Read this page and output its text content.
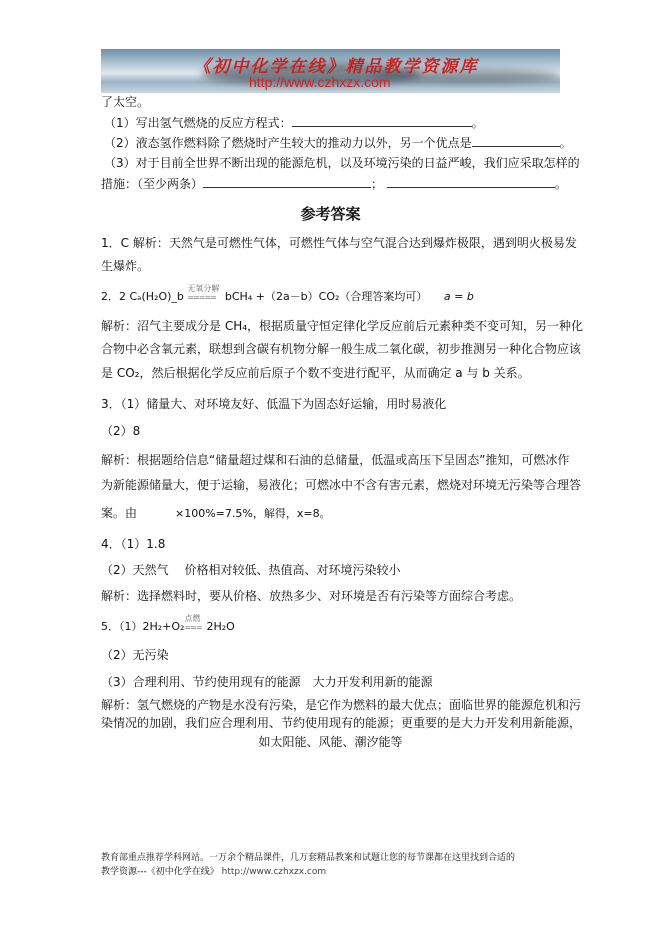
《初中化学在线》精品教学资源库
http://www.czhxzx.com
了太空。
（1）写出氢气燃烧的反应方程式：	。
（2）液态氢作燃料除了燃烧时产生较大的推动力以外，另一个优点是	。
（3）对于目前全世界不断出现的能源危机，以及环境污染的日益严峻，我们应采取怎样的
措施：（至少两条）	；	。
参考答案
1．C 解析：天然气是可燃性气体，可燃性气体与空气混合达到爆炸极限，遇到明火极易发
生爆炸。
2．2 Cₐ(H₂O)_b
无氧分解
===== bCH₄ +（2a－b）CO₂（合理答案均可）　　 a = b
解析：沼气主要成分是 CH₄，根据质量守恒定律化学反应前后元素种类不变可知，另一种化
合物中必含氧元素，联想到含碳有机物分解一般生成二氧化碳，初步推测另一种化合物应该
是 CO₂，然后根据化学反应前后原子个数不变进行配平，从而确定 a 与 b 关系。
3．（1）储量大、对环境友好、低温下为固态好运输，用时易液化
（2）8
解析：根据题给信息“储量超过煤和石油的总储量，低温或高压下呈固态”推知，可燃冰作
为新能源储量大，便于运输，易液化；可燃冰中不含有害元素，燃烧对环境无污染等合理答
案。由	×100%=7.5%，解得，x=8。
4．（1）1.8
（2）天然气　 价格相对较低、热值高、对环境污染较小
解析：选择燃料时，要从价格、放热多少、对环境是否有污染等方面综合考虑。
5．（1）2H₂+O₂
点燃
=== 2H₂O
（2）无污染
（3）合理利用、节约使用现有的能源　大力开发利用新的能源
解析：氢气燃烧的产物是水没有污染，是它作为燃料的最大优点；面临世界的能源危机和污
染情况的加剧，我们应合理利用、节约使用现有的能源；更重要的是大力开发利用新能源，
如太阳能、风能、潮汐能等
教育部重点推荐学科网站。一万余个精品课件，几万套精品教案和试题让您的每节课都在这里找到合适的
教学资源---《初中化学在线》 http://www.czhxzx.com
